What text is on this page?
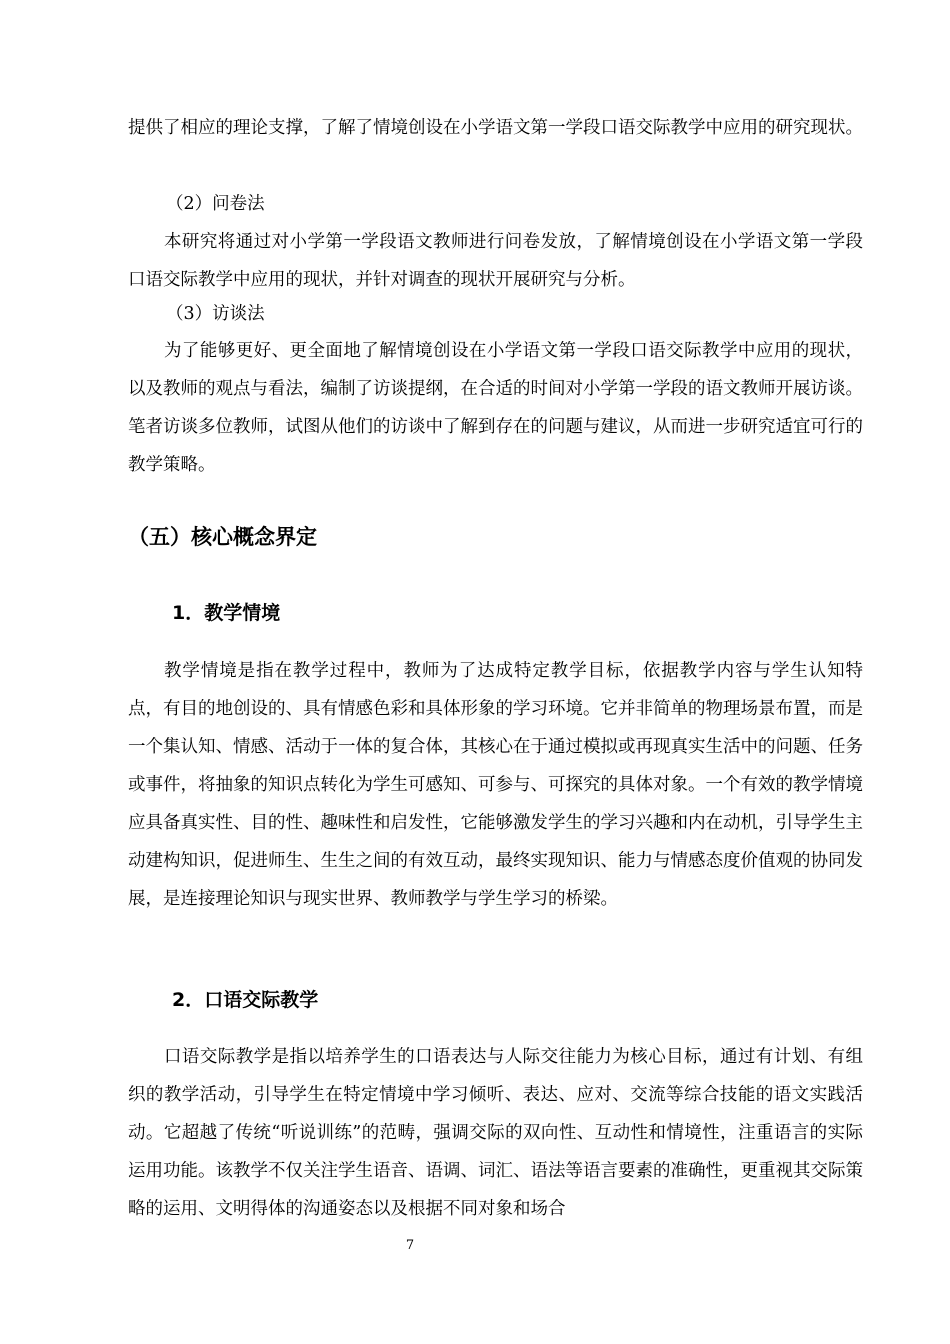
提供了相应的理论支撑，了解了情境创设在小学语文第一学段口语交际教学中应用的研究现状。

（2）问卷法

本研究将通过对小学第一学段语文教师进行问卷发放，了解情境创设在小学语文第一学段口语交际教学中应用的现状，并针对调查的现状开展研究与分析。

（3）访谈法

为了能够更好、更全面地了解情境创设在小学语文第一学段口语交际教学中应用的现状，以及教师的观点与看法，编制了访谈提纲，在合适的时间对小学第一学段的语文教师开展访谈。笔者访谈多位教师，试图从他们的访谈中了解到存在的问题与建议，从而进一步研究适宜可行的教学策略。

（五）核心概念界定
1．教学情境

教学情境是指在教学过程中，教师为了达成特定教学目标，依据教学内容与学生认知特点，有目的地创设的、具有情感色彩和具体形象的学习环境。它并非简单的物理场景布置，而是一个集认知、情感、活动于一体的复合体，其核心在于通过模拟或再现真实生活中的问题、任务或事件，将抽象的知识点转化为学生可感知、可参与、可探究的具体对象。一个有效的教学情境应具备真实性、目的性、趣味性和启发性，它能够激发学生的学习兴趣和内在动机，引导学生主动建构知识，促进师生、生生之间的有效互动，最终实现知识、能力与情感态度价值观的协同发展，是连接理论知识与现实世界、教师教学与学生学习的桥梁。

2．口语交际教学

口语交际教学是指以培养学生的口语表达与人际交往能力为核心目标，通过有计划、有组织的教学活动，引导学生在特定情境中学习倾听、表达、应对、交流等综合技能的语文实践活动。它超越了传统“听说训练”的范畴，强调交际的双向性、互动性和情境性，注重语言的实际运用功能。该教学不仅关注学生语音、语调、词汇、语法等语言要素的准确性，更重视其交际策略的运用、文明得体的沟通姿态以及根据不同对象和场合

7
